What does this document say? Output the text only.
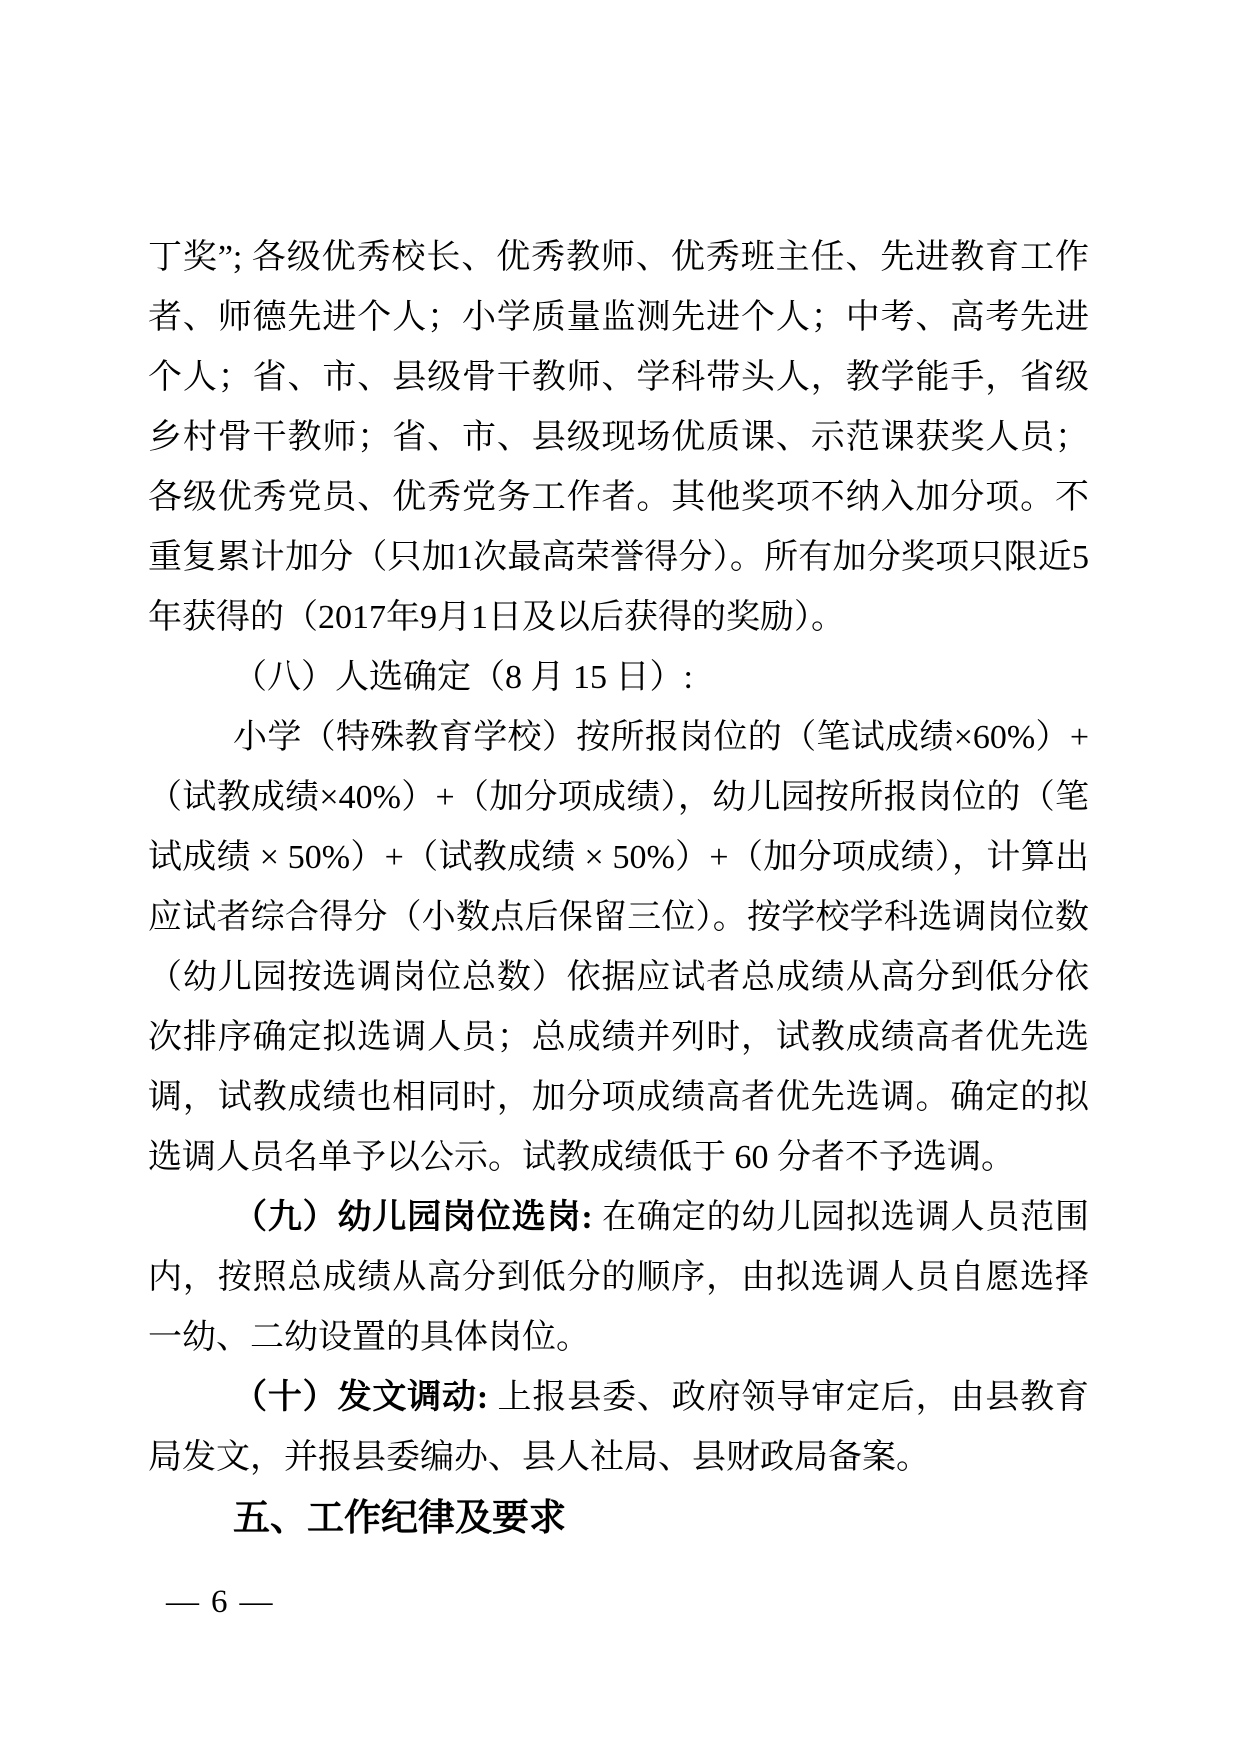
丁奖”; 各级优秀校长、优秀教师、优秀班主任、先进教育工作者、师德先进个人；小学质量监测先进个人；中考、高考先进个人；省、市、县级骨干教师、学科带头人，教学能手，省级乡村骨干教师；省、市、县级现场优质课、示范课获奖人员；各级优秀党员、优秀党务工作者。其他奖项不纳入加分项。不重复累计加分（只加1次最高荣誉得分）。所有加分奖项只限近5年获得的（2017年9月1日及以后获得的奖励）。

（八）人选确定（8 月 15 日）:

小学（特殊教育学校）按所报岗位的（笔试成绩×60%）+（试教成绩×40%）+（加分项成绩），幼儿园按所报岗位的（笔试成绩 × 50%）+（试教成绩 × 50%）+（加分项成绩），计算出应试者综合得分（小数点后保留三位）。按学校学科选调岗位数（幼儿园按选调岗位总数）依据应试者总成绩从高分到低分依次排序确定拟选调人员；总成绩并列时，试教成绩高者优先选调，试教成绩也相同时，加分项成绩高者优先选调。确定的拟选调人员名单予以公示。试教成绩低于 60 分者不予选调。

（九）幼儿园岗位选岗: 在确定的幼儿园拟选调人员范围内，按照总成绩从高分到低分的顺序，由拟选调人员自愿选择一幼、二幼设置的具体岗位。

（十）发文调动: 上报县委、政府领导审定后，由县教育局发文，并报县委编办、县人社局、县财政局备案。

五、工作纪律及要求
— 6 —
